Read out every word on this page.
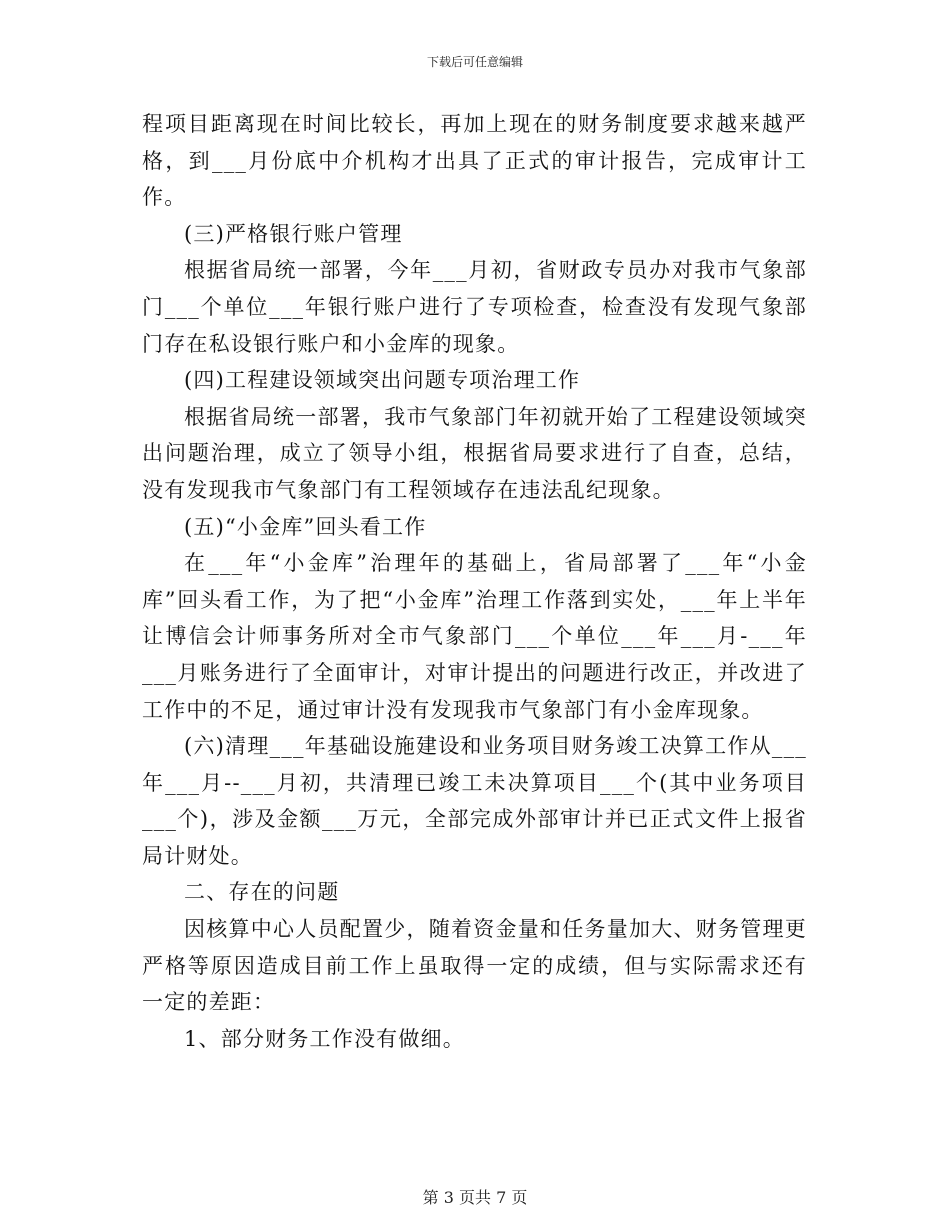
下载后可任意编辑

程项目距离现在时间比较长，再加上现在的财务制度要求越来越严格，到___月份底中介机构才出具了正式的审计报告，完成审计工作。

(三)严格银行账户管理

根据省局统一部署，今年___月初，省财政专员办对我市气象部门___个单位___年银行账户进行了专项检查，检查没有发现气象部门存在私设银行账户和小金库的现象。

(四)工程建设领域突出问题专项治理工作

根据省局统一部署，我市气象部门年初就开始了工程建设领域突出问题治理，成立了领导小组，根据省局要求进行了自查，总结，没有发现我市气象部门有工程领域存在违法乱纪现象。

(五)“小金库”回头看工作

在___年“小金库”治理年的基础上，省局部署了___年“小金库”回头看工作，为了把“小金库”治理工作落到实处，___年上半年让博信会计师事务所对全市气象部门___个单位___年___月-___年___月账务进行了全面审计，对审计提出的问题进行改正，并改进了工作中的不足，通过审计没有发现我市气象部门有小金库现象。

(六)清理___年基础设施建设和业务项目财务竣工决算工作从___年___月--___月初，共清理已竣工未决算项目___个(其中业务项目___个)，涉及金额___万元，全部完成外部审计并已正式文件上报省局计财处。

二、存在的问题

因核算中心人员配置少，随着资金量和任务量加大、财务管理更严格等原因造成目前工作上虽取得一定的成绩，但与实际需求还有一定的差距：

1、部分财务工作没有做细。

第 3 页共 7 页
